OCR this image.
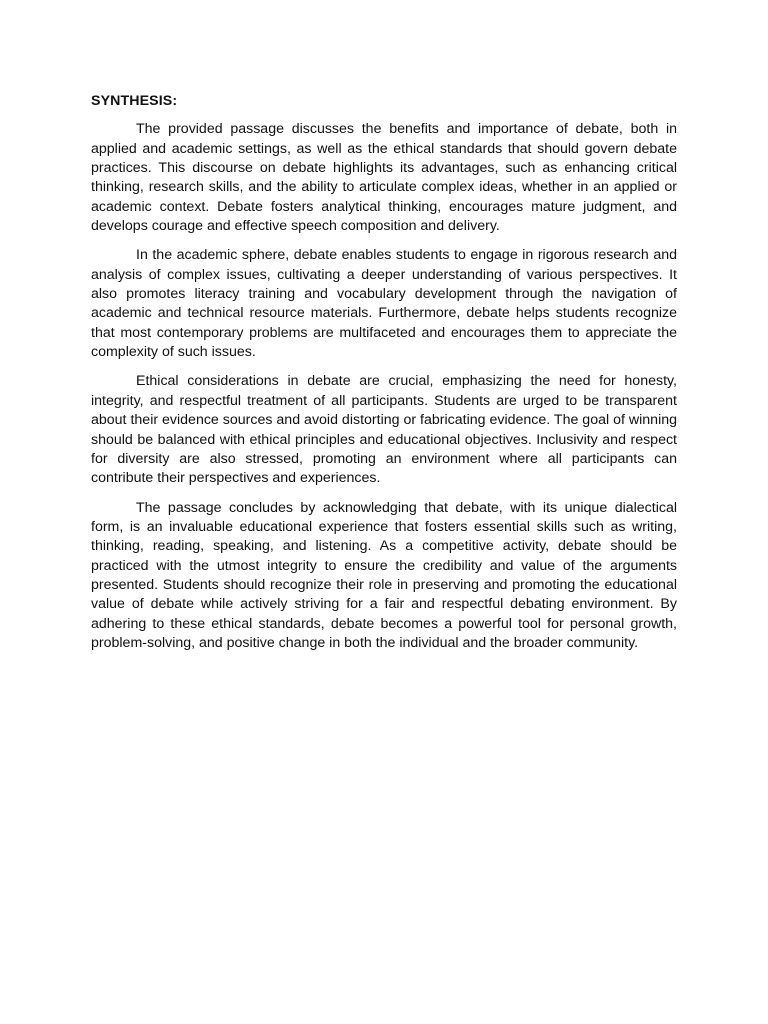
SYNTHESIS:

The provided passage discusses the benefits and importance of debate, both in applied and academic settings, as well as the ethical standards that should govern debate practices. This discourse on debate highlights its advantages, such as enhancing critical thinking, research skills, and the ability to articulate complex ideas, whether in an applied or academic context. Debate fosters analytical thinking, encourages mature judgment, and develops courage and effective speech composition and delivery.

In the academic sphere, debate enables students to engage in rigorous research and analysis of complex issues, cultivating a deeper understanding of various perspectives. It also promotes literacy training and vocabulary development through the navigation of academic and technical resource materials. Furthermore, debate helps students recognize that most contemporary problems are multifaceted and encourages them to appreciate the complexity of such issues.

Ethical considerations in debate are crucial, emphasizing the need for honesty, integrity, and respectful treatment of all participants. Students are urged to be transparent about their evidence sources and avoid distorting or fabricating evidence. The goal of winning should be balanced with ethical principles and educational objectives. Inclusivity and respect for diversity are also stressed, promoting an environment where all participants can contribute their perspectives and experiences.

The passage concludes by acknowledging that debate, with its unique dialectical form, is an invaluable educational experience that fosters essential skills such as writing, thinking, reading, speaking, and listening. As a competitive activity, debate should be practiced with the utmost integrity to ensure the credibility and value of the arguments presented. Students should recognize their role in preserving and promoting the educational value of debate while actively striving for a fair and respectful debating environment. By adhering to these ethical standards, debate becomes a powerful tool for personal growth, problem-solving, and positive change in both the individual and the broader community.
